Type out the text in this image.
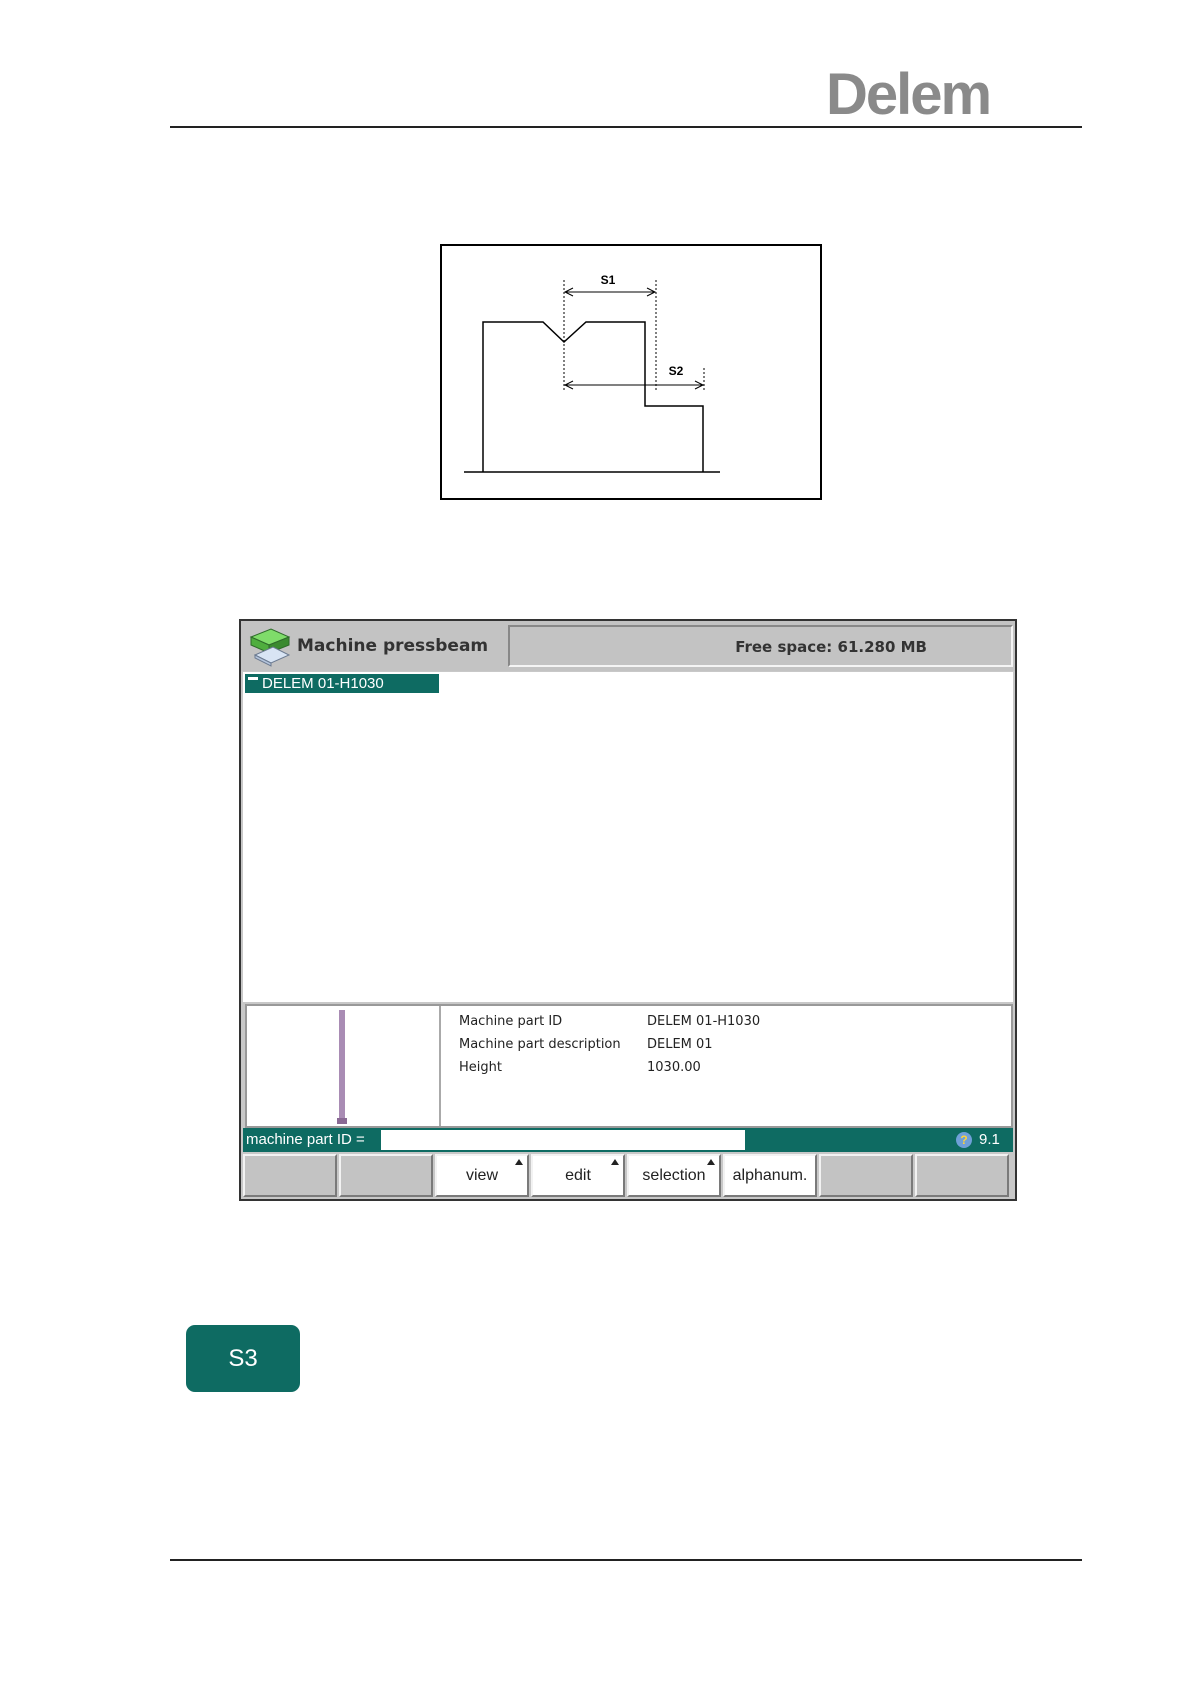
Delem
S1
S2
Machine pressbeam	Free space: 61.280 MB
DELEM 01-H1030
Machine part ID	DELEM 01-H1030
Machine part description DELEM 01
Height	1030.00
machine part ID =	? 9.1
view	edit	selection	alphanum.
S3
